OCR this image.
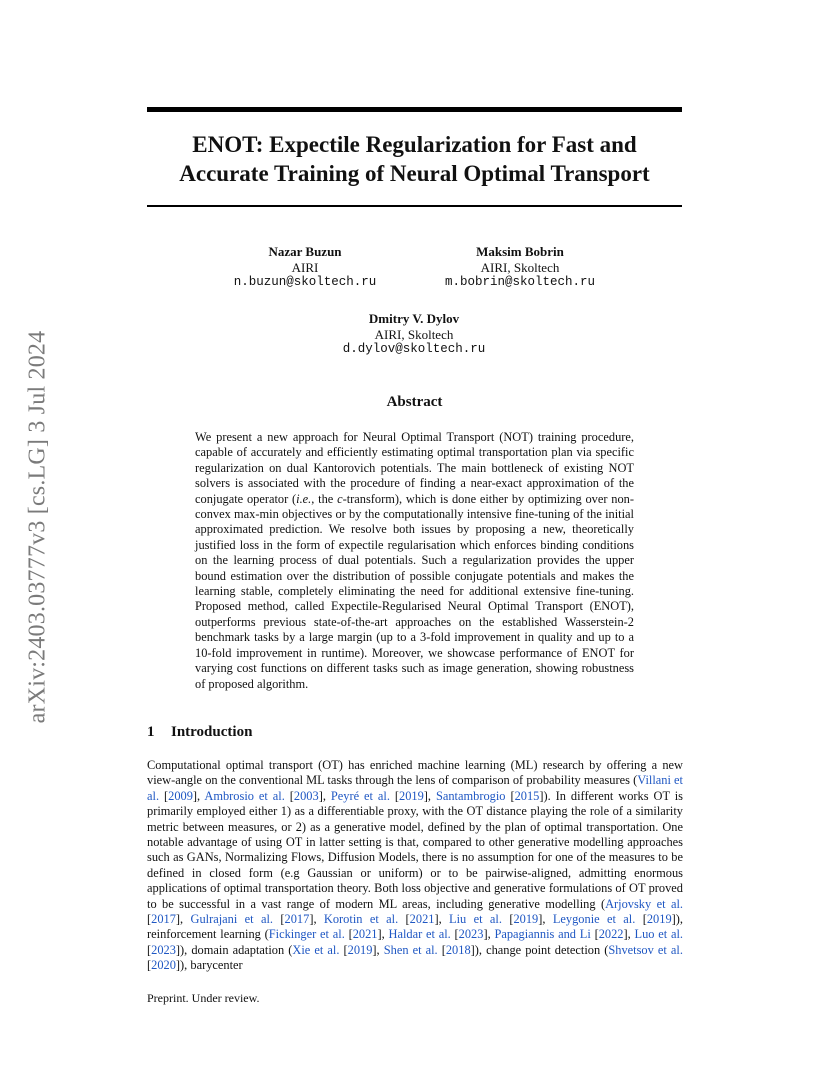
arXiv:2403.03777v3 [cs.LG] 3 Jul 2024
ENOT: Expectile Regularization for Fast and Accurate Training of Neural Optimal Transport
Nazar Buzun
AIRI
n.buzun@skoltech.ru
Maksim Bobrin
AIRI, Skoltech
m.bobrin@skoltech.ru
Dmitry V. Dylov
AIRI, Skoltech
d.dylov@skoltech.ru
Abstract
We present a new approach for Neural Optimal Transport (NOT) training procedure, capable of accurately and efficiently estimating optimal transportation plan via specific regularization on dual Kantorovich potentials. The main bottleneck of existing NOT solvers is associated with the procedure of finding a near-exact approximation of the conjugate operator (i.e., the c-transform), which is done either by optimizing over non-convex max-min objectives or by the computationally intensive fine-tuning of the initial approximated prediction. We resolve both issues by proposing a new, theoretically justified loss in the form of expectile regularisation which enforces binding conditions on the learning process of dual potentials. Such a regularization provides the upper bound estimation over the distribution of possible conjugate potentials and makes the learning stable, completely eliminating the need for additional extensive fine-tuning. Proposed method, called Expectile-Regularised Neural Optimal Transport (ENOT), outperforms previous state-of-the-art approaches on the established Wasserstein-2 benchmark tasks by a large margin (up to a 3-fold improvement in quality and up to a 10-fold improvement in runtime). Moreover, we showcase performance of ENOT for varying cost functions on different tasks such as image generation, showing robustness of proposed algorithm.
1 Introduction
Computational optimal transport (OT) has enriched machine learning (ML) research by offering a new view-angle on the conventional ML tasks through the lens of comparison of probability measures (Villani et al. [2009], Ambrosio et al. [2003], Peyré et al. [2019], Santambrogio [2015]). In different works OT is primarily employed either 1) as a differentiable proxy, with the OT distance playing the role of a similarity metric between measures, or 2) as a generative model, defined by the plan of optimal transportation. One notable advantage of using OT in latter setting is that, compared to other generative modelling approaches such as GANs, Normalizing Flows, Diffusion Models, there is no assumption for one of the measures to be defined in closed form (e.g Gaussian or uniform) or to be pairwise-aligned, admitting enormous applications of optimal transportation theory. Both loss objective and generative formulations of OT proved to be successful in a vast range of modern ML areas, including generative modelling (Arjovsky et al. [2017], Gulrajani et al. [2017], Korotin et al. [2021], Liu et al. [2019], Leygonie et al. [2019]), reinforcement learning (Fickinger et al. [2021], Haldar et al. [2023], Papagiannis and Li [2022], Luo et al. [2023]), domain adaptation (Xie et al. [2019], Shen et al. [2018]), change point detection (Shvetsov et al. [2020]), barycenter
Preprint. Under review.
